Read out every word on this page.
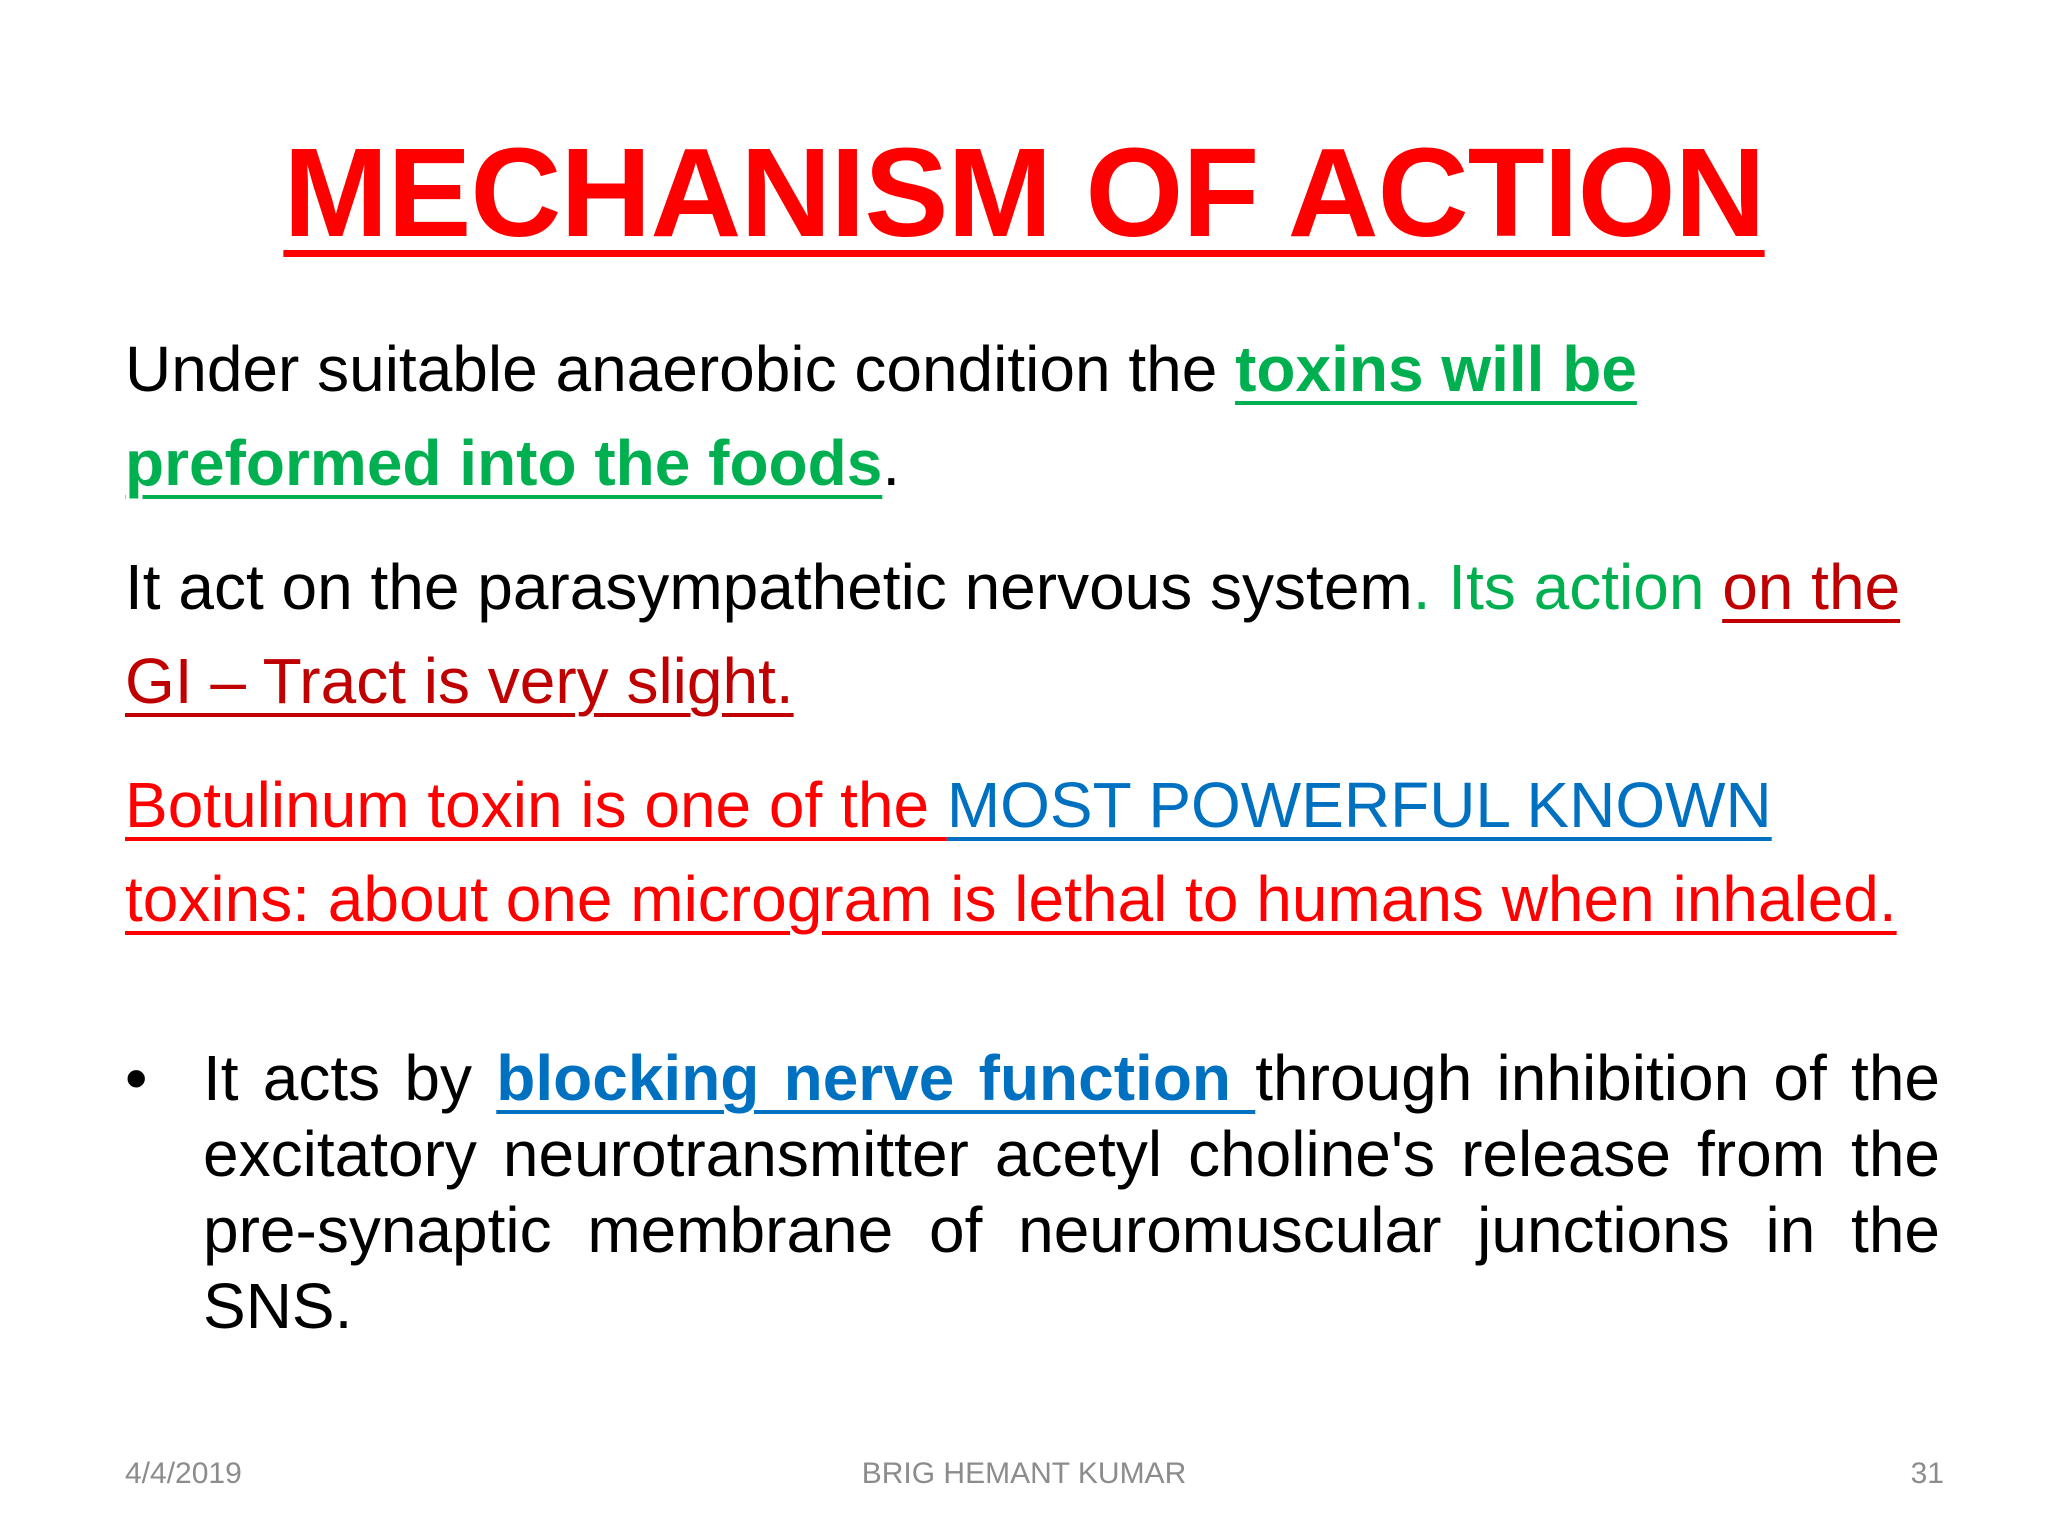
MECHANISM OF ACTION

Under suitable anaerobic condition the toxins will be preformed into the foods.

It act on the parasympathetic nervous system. Its action on the GI – Tract is very slight.

Botulinum toxin is one of the MOST POWERFUL KNOWN toxins: about one microgram is lethal to humans when inhaled.

• It acts by blocking nerve function through inhibition of the excitatory neurotransmitter acetyl choline's release from the pre-synaptic membrane of neuromuscular junctions in the SNS.
4/4/2019	BRIG HEMANT KUMAR	31
